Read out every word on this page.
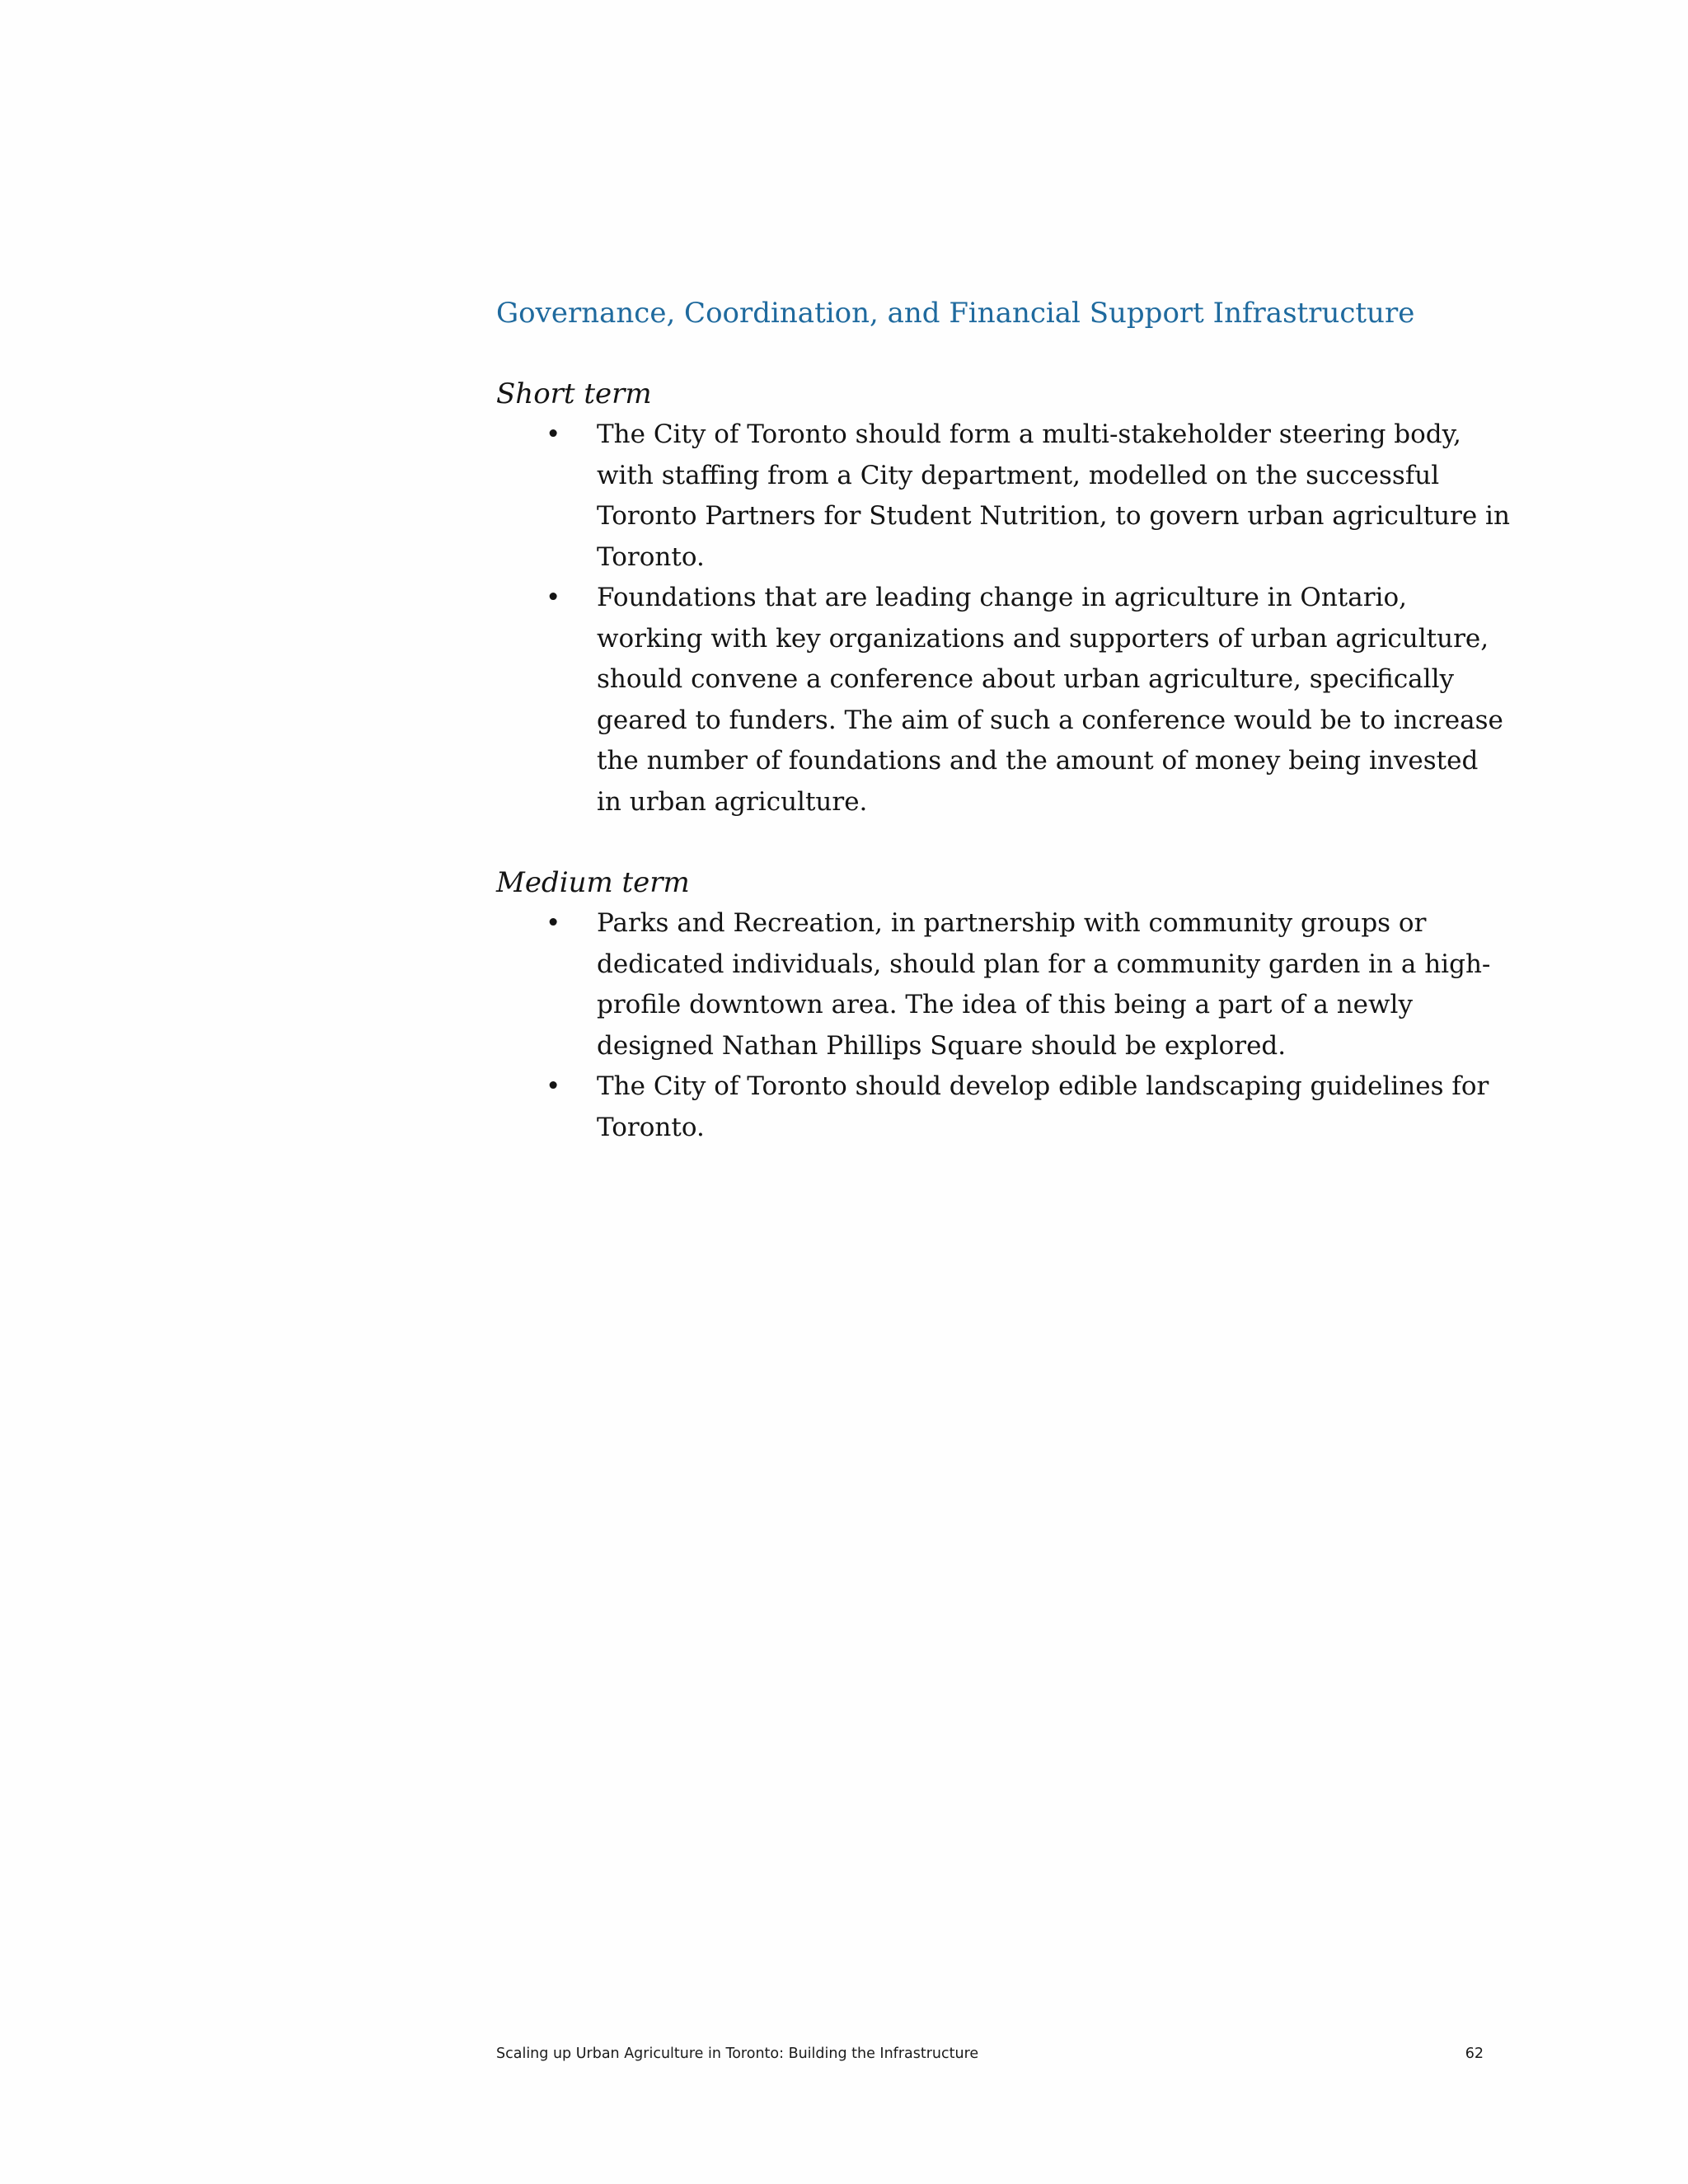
Governance, Coordination, and Financial Support Infrastructure

Short term

• The City of Toronto should form a multi-stakeholder steering body, with staffing from a City department, modelled on the successful Toronto Partners for Student Nutrition, to govern urban agriculture in Toronto.
• Foundations that are leading change in agriculture in Ontario, working with key organizations and supporters of urban agriculture, should convene a conference about urban agriculture, specifically geared to funders. The aim of such a conference would be to increase the number of foundations and the amount of money being invested in urban agriculture.

Medium term

• Parks and Recreation, in partnership with community groups or dedicated individuals, should plan for a community garden in a high-profile downtown area. The idea of this being a part of a newly designed Nathan Phillips Square should be explored.
• The City of Toronto should develop edible landscaping guidelines for Toronto.
Scaling up Urban Agriculture in Toronto: Building the Infrastructure	62
